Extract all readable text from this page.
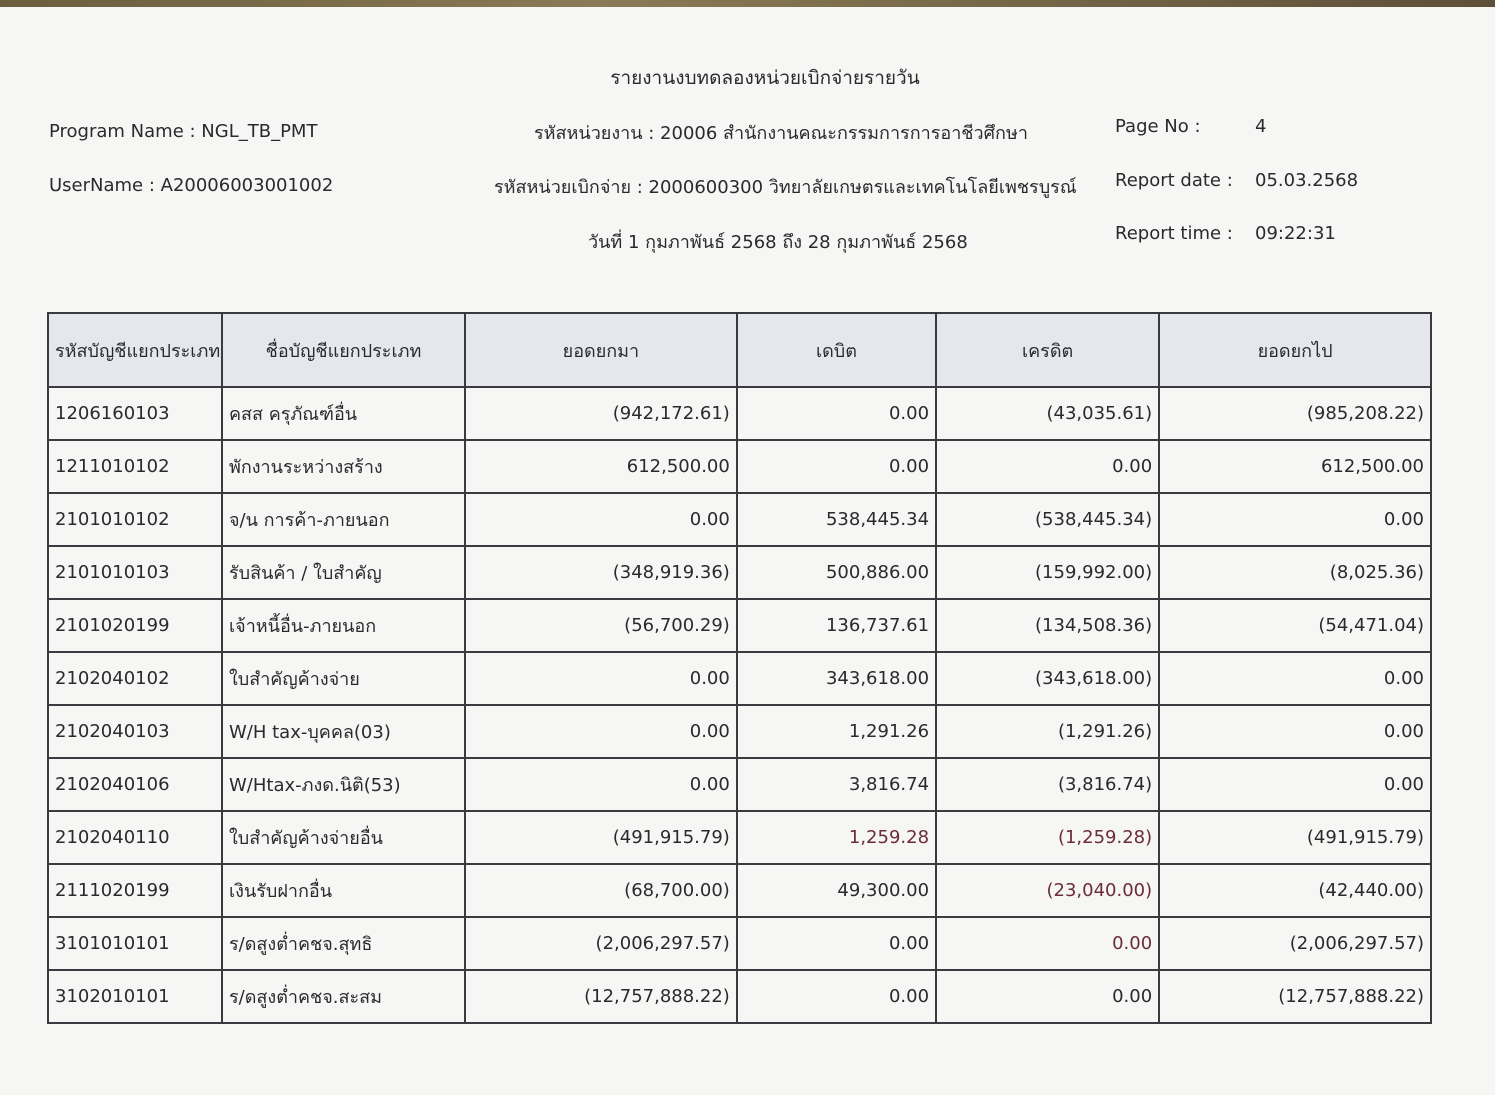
รายงานงบทดลองหน่วยเบิกจ่ายรายวัน
Program Name : NGL_TB_PMT
UserName : A20006003001002
รหัสหน่วยงาน : 20006 สำนักงานคณะกรรมการการอาชีวศึกษา
รหัสหน่วยเบิกจ่าย : 2000600300 วิทยาลัยเกษตรและเทคโนโลยีเพชรบูรณ์
วันที่ 1 กุมภาพันธ์ 2568 ถึง 28 กุมภาพันธ์ 2568
Page No :	4
Report date : 05.03.2568
Report time : 09:22:31
รหัสบัญชีแยกประเภท	ชื่อบัญชีแยกประเภท	ยอดยกมา	เดบิต	เครดิต	ยอดยกไป
1206160103	คสส ครุภัณฑ์อื่น	(942,172.61)	0.00	(43,035.61)	(985,208.22)
1211010102	พักงานระหว่างสร้าง	612,500.00	0.00	0.00	612,500.00
2101010102	จ/น การค้า-ภายนอก	0.00	538,445.34	(538,445.34)	0.00
2101010103	รับสินค้า / ใบสำคัญ	(348,919.36)	500,886.00	(159,992.00)	(8,025.36)
2101020199	เจ้าหนี้อื่น-ภายนอก	(56,700.29)	136,737.61	(134,508.36)	(54,471.04)
2102040102	ใบสำคัญค้างจ่าย	0.00	343,618.00	(343,618.00)	0.00
2102040103	W/H tax-บุคคล(03)	0.00	1,291.26	(1,291.26)	0.00
2102040106	W/Htax-ภงด.นิติ(53)	0.00	3,816.74	(3,816.74)	0.00
2102040110	ใบสำคัญค้างจ่ายอื่น	(491,915.79)	1,259.28	(1,259.28)	(491,915.79)
2111020199	เงินรับฝากอื่น	(68,700.00)	49,300.00	(23,040.00)	(42,440.00)
3101010101	ร/ดสูงต่ำคชจ.สุทธิ	(2,006,297.57)	0.00	0.00	(2,006,297.57)
3102010101	ร/ดสูงต่ำคชจ.สะสม	(12,757,888.22)	0.00	0.00	(12,757,888.22)
